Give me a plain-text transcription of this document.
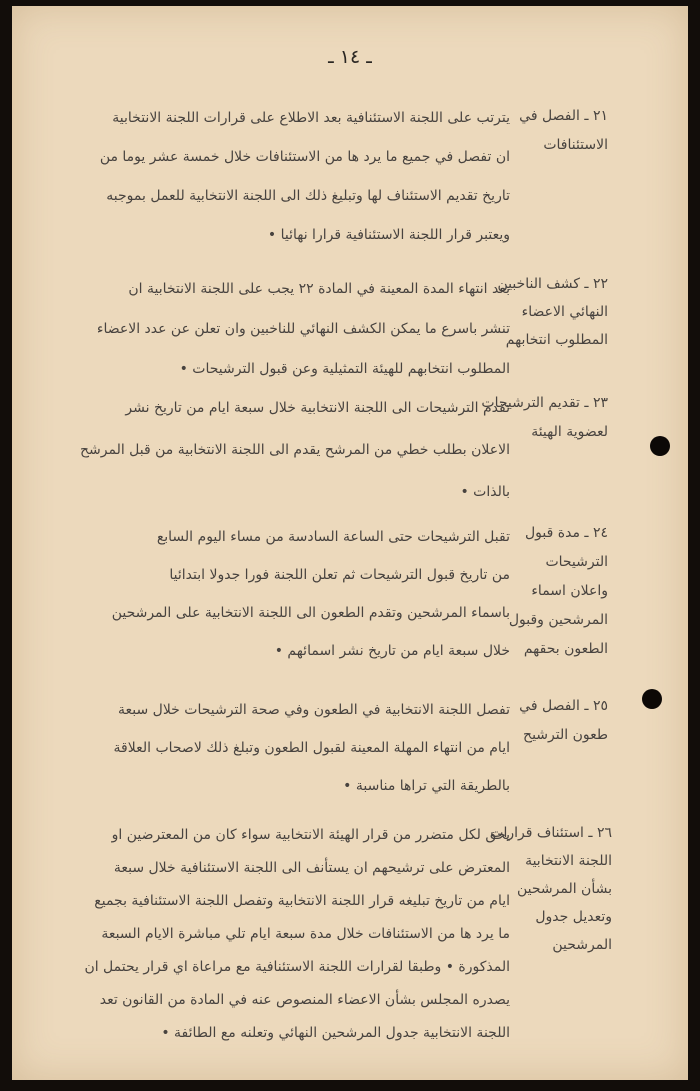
ـ ١٤ ـ

٢١ ـ الفصل في

الاستئنافات

يترتب على اللجنة الاستئنافية بعد الاطلاع على قرارات اللجنة الانتخابية

ان تفصل في جميع ما يرد ها من الاستئنافات خلال خمسة عشر يوما من

تاريخ تقديم الاستئناف لها وتبليغ ذلك الى اللجنة الانتخابية للعمل بموجبه

ويعتبر قرار اللجنة الاستئنافية قرارا نهائيا •

٢٢ ـ كشف الناخبين

النهائي الاعضاء

المطلوب انتخابهم

بعد انتهاء المدة المعينة في المادة ٢٢ يجب على اللجنة الانتخابية ان

تنشر باسرع ما يمكن الكشف النهائي للناخبين وان تعلن عن عدد الاعضاء

المطلوب انتخابهم للهيئة التمثيلية وعن قبول الترشيحات •

٢٣ ـ تقديم الترشيحات

لعضوية الهيئة

تقدم الترشيحات الى اللجنة الانتخابية خلال سبعة ايام من تاريخ نشر

الاعلان بطلب خطي من المرشح يقدم الى اللجنة الانتخابية من قبل المرشح

بالذات •

٢٤ ـ مدة قبول

الترشيحات

واعلان اسماء

المرشحين وقبول

الطعون بحقهم

تقبل الترشيحات حتى الساعة السادسة من مساء اليوم السابع

من تاريخ قبول الترشيحات ثم تعلن اللجنة فورا جدولا ابتدائيا

باسماء المرشحين وتقدم الطعون الى اللجنة الانتخابية على المرشحين

خلال سبعة ايام من تاريخ نشر اسمائهم •

٢٥ ـ الفصل في

طعون الترشيح

تفصل اللجنة الانتخابية في الطعون وفي صحة الترشيحات خلال سبعة

ايام من انتهاء المهلة المعينة لقبول الطعون وتبلغ ذلك لاصحاب العلاقة

بالطريقة التي تراها مناسبة •

٢٦ ـ استئناف قرارات

اللجنة الانتخابية

بشأن المرشحين

وتعديل جدول

المرشحين

يحق لكل متضرر من قرار الهيئة الانتخابية سواء كان من المعترضين او

المعترض على ترشيحهم ان يستأنف الى اللجنة الاستئنافية خلال سبعة

ايام من تاريخ تبليغه قرار اللجنة الانتخابية وتفصل اللجنة الاستئنافية بجميع

ما يرد ها من الاستئنافات خلال مدة سبعة ايام تلي مباشرة الايام السبعة

المذكورة • وطبقا لقرارات اللجنة الاستئنافية مع مراعاة اي قرار يحتمل ان

يصدره المجلس بشأن الاعضاء المنصوص عنه في المادة من القانون تعد

اللجنة الانتخابية جدول المرشحين النهائي وتعلنه مع الطائفة •
